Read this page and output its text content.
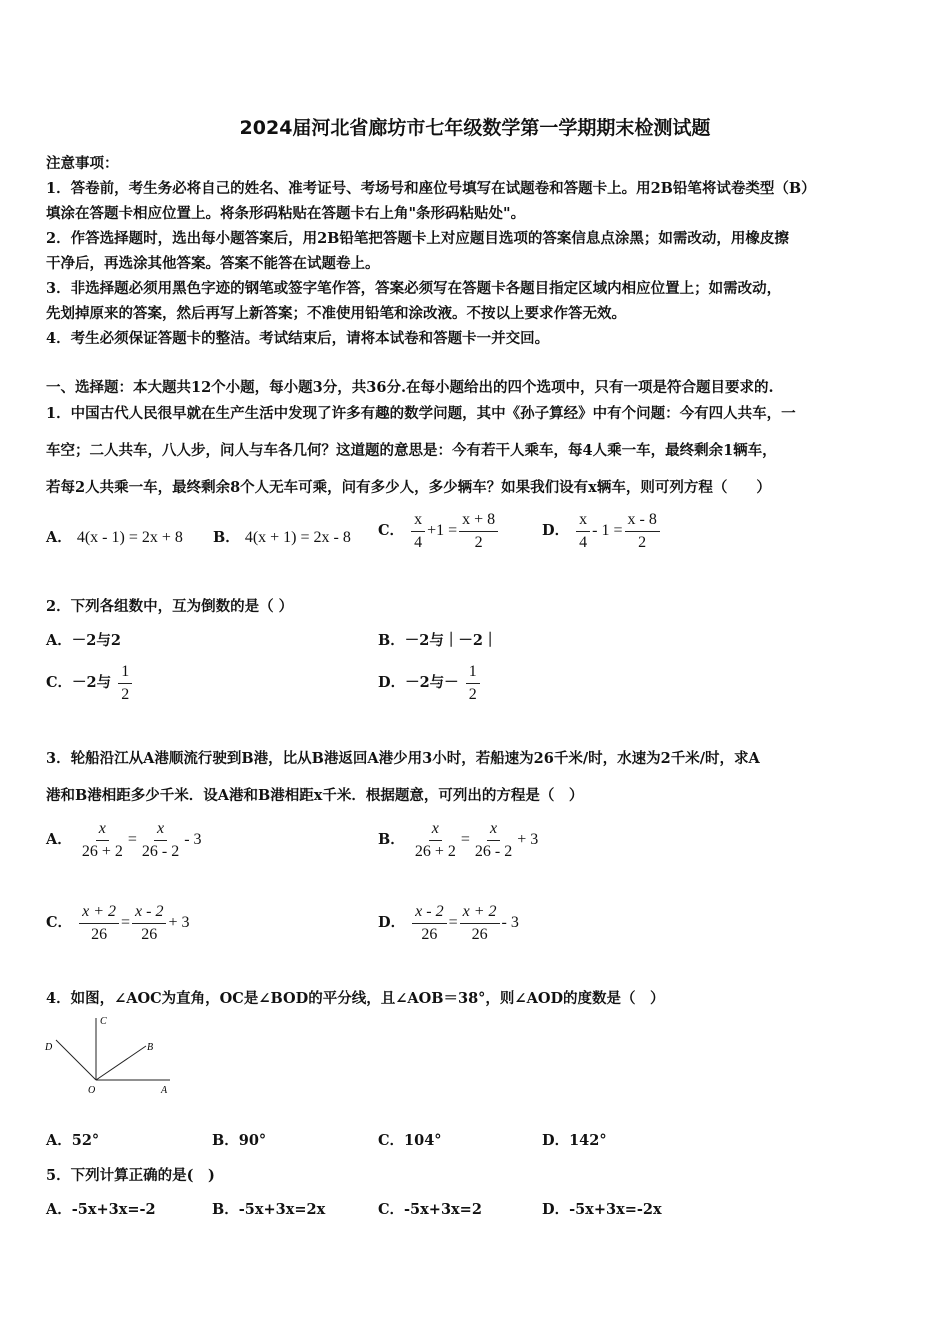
2024届河北省廊坊市七年级数学第一学期期末检测试题
注意事项：
1．答卷前，考生务必将自己的姓名、准考证号、考场号和座位号填写在试题卷和答题卡上。用2B铅笔将试卷类型（B）
填涂在答题卡相应位置上。将条形码粘贴在答题卡右上角"条形码粘贴处"。
2．作答选择题时，选出每小题答案后，用2B铅笔把答题卡上对应题目选项的答案信息点涂黑；如需改动，用橡皮擦
干净后，再选涂其他答案。答案不能答在试题卷上。
3．非选择题必须用黑色字迹的钢笔或签字笔作答，答案必须写在答题卡各题目指定区域内相应位置上；如需改动，
先划掉原来的答案，然后再写上新答案；不准使用铅笔和涂改液。不按以上要求作答无效。
4．考生必须保证答题卡的整洁。考试结束后，请将本试卷和答题卡一并交回。
一、选择题：本大题共12个小题，每小题3分，共36分.在每小题给出的四个选项中，只有一项是符合题目要求的.
1．中国古代人民很早就在生产生活中发现了许多有趣的数学问题，其中《孙子算经》中有个问题：今有四人共车，一
车空；二人共车，八人步，问人与车各几何？这道题的意思是：今有若干人乘车，每4人乘一车，最终剩余1辆车，
若每2人共乘一车，最终剩余8个人无车可乘，问有多少人，多少辆车？如果我们设有x辆车，则可列方程（　　）
A． 4(x - 1) = 2x + 8 B． 4(x + 1) = 2x - 8 C． $\frac{x}{4} +1 = \frac{x + 8}{2}$	D． $\frac{x}{4} - 1 = \frac{x - 8}{2}$
2．下列各组数中，互为倒数的是（ ）
A．－2与2	B．－2与｜－2｜
C．－2与 $\frac{1}{2}$	D．－2与－ $\frac{1}{2}$
3．轮船沿江从A港顺流行驶到B港，比从B港返回A港少用3小时，若船速为26千米/时，水速为2千米/时，求A
港和B港相距多少千米．设A港和B港相距x千米．根据题意，可列出的方程是（　）
A． $\frac{x}{26 + 2} = \frac{x}{26 - 2} - 3$	B． $\frac{x}{26 + 2} = \frac{x}{26 - 2} + 3$
C． $\frac{x + 2}{26} = \frac{x - 2}{26} + 3$	D． $\frac{x - 2}{26} = \frac{x + 2}{26} - 3$
4．如图，∠AOC为直角，OC是∠BOD的平分线，且∠AOB＝38°，则∠AOD的度数是（　）
C
D	B
O	A
A．52°	B．90°	C．104°	D．142°
5．下列计算正确的是(　)
A．-5x+3x=-2	B．-5x+3x=2x	C．-5x+3x=2	D．-5x+3x=-2x
